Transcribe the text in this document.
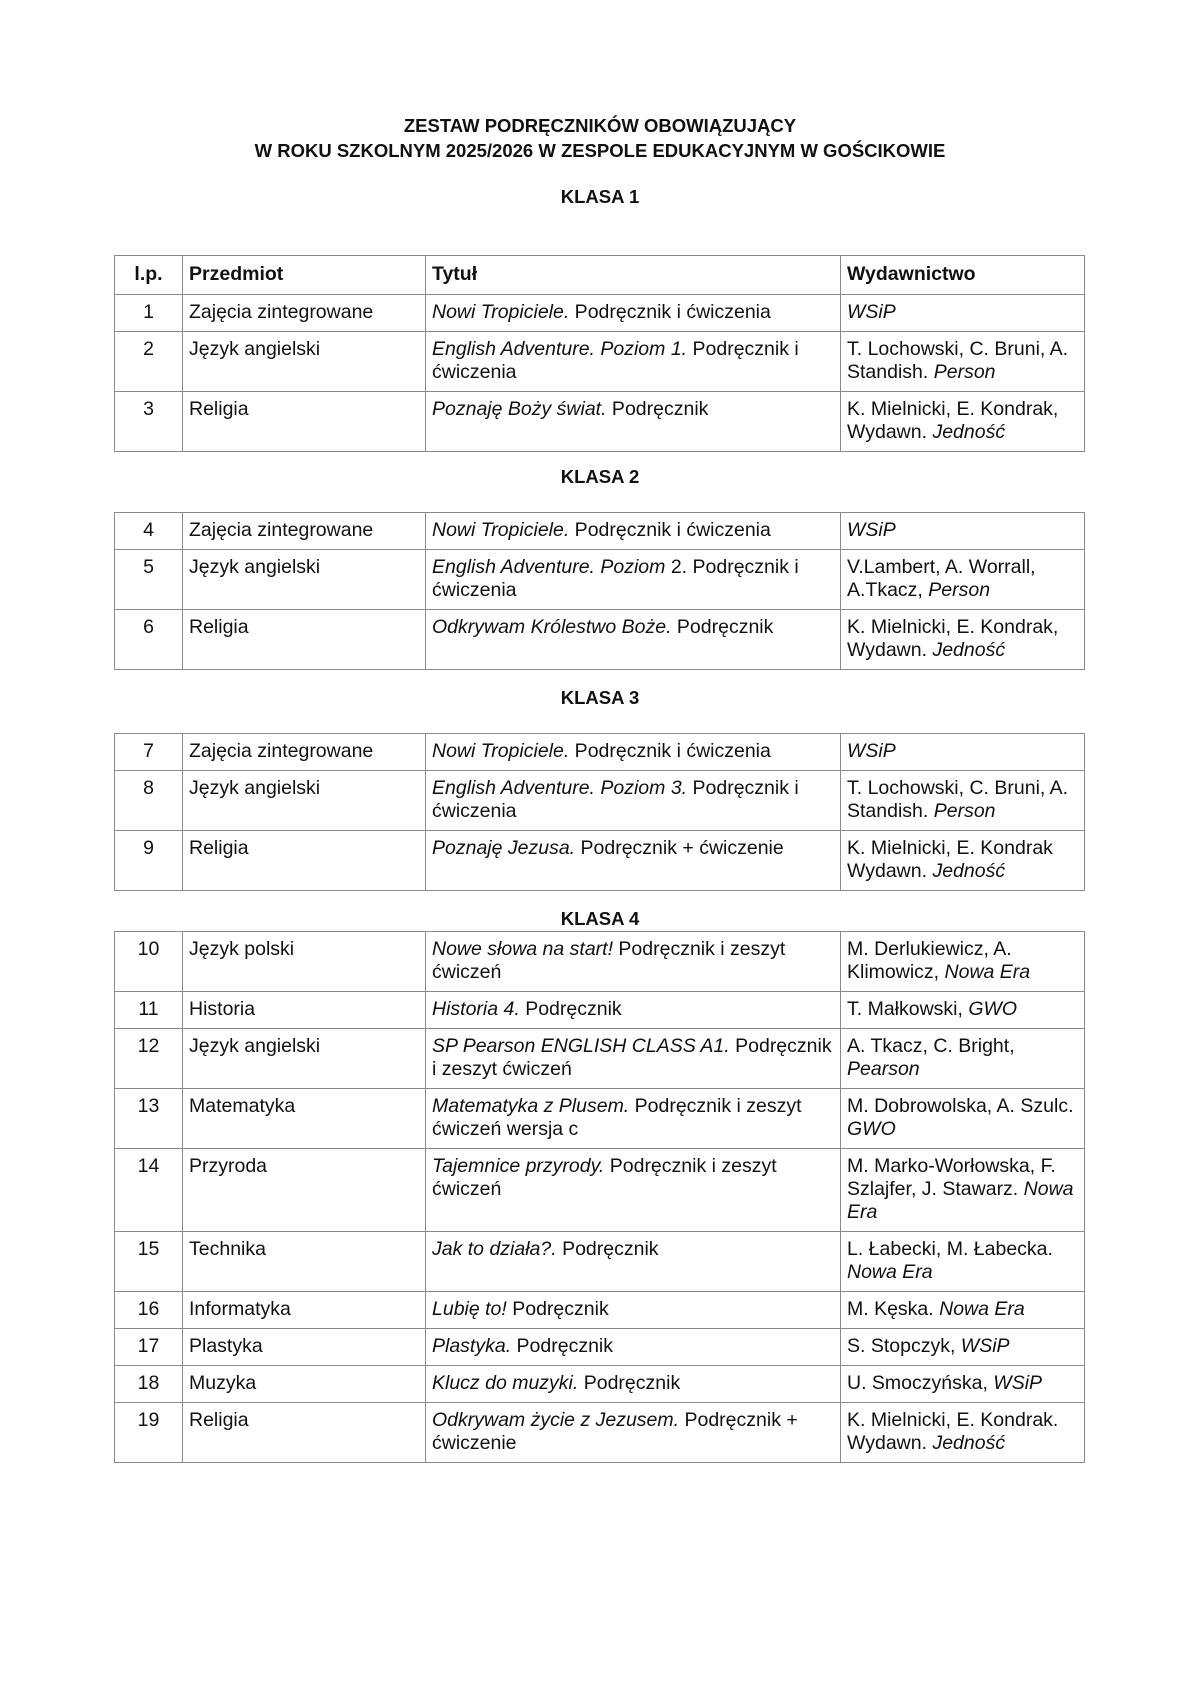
ZESTAW PODRĘCZNIKÓW OBOWIĄZUJĄCY
W ROKU SZKOLNYM 2025/2026 W ZESPOLE EDUKACYJNYM W GOŚCIKOWIE
KLASA 1
l.p.	Przedmiot	Tytuł	Wydawnictwo
1	Zajęcia zintegrowane	Nowi Tropiciele. Podręcznik i ćwiczenia	WSiP
2	Język angielski	English Adventure. Poziom 1. Podręcznik i ćwiczenia	T. Lochowski, C. Bruni, A. Standish. Person
3	Religia	Poznaję Boży świat. Podręcznik	K. Mielnicki, E. Kondrak, Wydawn. Jedność
KLASA 2
4	Zajęcia zintegrowane	Nowi Tropiciele. Podręcznik i ćwiczenia	WSiP
5	Język angielski	English Adventure. Poziom 2. Podręcznik i ćwiczenia	V.Lambert, A. Worrall, A.Tkacz, Person
6	Religia	Odkrywam Królestwo Boże. Podręcznik	K. Mielnicki, E. Kondrak, Wydawn. Jedność
KLASA 3
7	Zajęcia zintegrowane	Nowi Tropiciele. Podręcznik i ćwiczenia	WSiP
8	Język angielski	English Adventure. Poziom 3. Podręcznik i ćwiczenia	T. Lochowski, C. Bruni, A. Standish. Person
9	Religia	Poznaję Jezusa. Podręcznik + ćwiczenie	K. Mielnicki, E. Kondrak Wydawn. Jedność
KLASA 4
10	Język polski	Nowe słowa na start! Podręcznik i zeszyt ćwiczeń	M. Derlukiewicz, A. Klimowicz, Nowa Era
11	Historia	Historia 4. Podręcznik	T. Małkowski, GWO
12	Język angielski	SP Pearson ENGLISH CLASS A1. Podręcznik i zeszyt ćwiczeń	A. Tkacz, C. Bright, Pearson
13	Matematyka	Matematyka z Plusem. Podręcznik i zeszyt ćwiczeń wersja c	M. Dobrowolska, A. Szulc. GWO
14	Przyroda	Tajemnice przyrody. Podręcznik i zeszyt ćwiczeń	M. Marko-Worłowska, F. Szlajfer, J. Stawarz. Nowa Era
15	Technika	Jak to działa?. Podręcznik	L. Łabecki, M. Łabecka. Nowa Era
16	Informatyka	Lubię to! Podręcznik	M. Kęska. Nowa Era
17	Plastyka	Plastyka. Podręcznik	S. Stopczyk, WSiP
18	Muzyka	Klucz do muzyki. Podręcznik	U. Smoczyńska, WSiP
19	Religia	Odkrywam życie z Jezusem. Podręcznik + ćwiczenie	K. Mielnicki, E. Kondrak. Wydawn. Jedność
